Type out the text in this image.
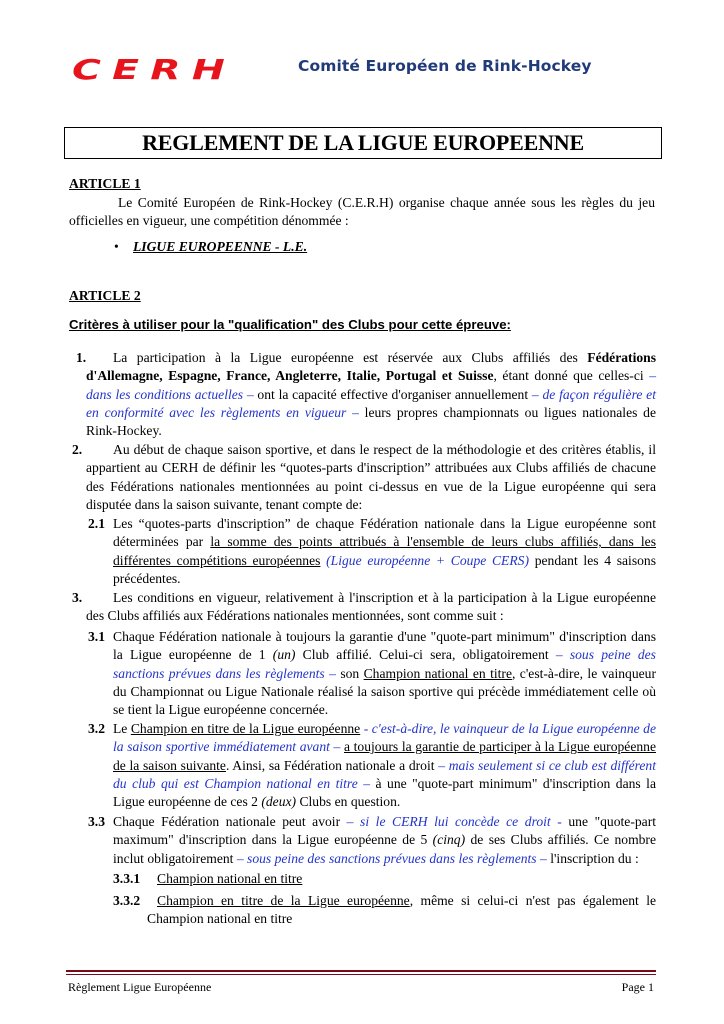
CERH	Comité Européen de Rink-Hockey
REGLEMENT DE LA LIGUE EUROPEENNE
ARTICLE 1
Le Comité Européen de Rink-Hockey (C.E.R.H) organise chaque année sous les règles du jeu officielles en vigueur, une compétition dénommée :
• LIGUE EUROPEENNE - L.E.
ARTICLE 2
Critères à utiliser pour la "qualification" des Clubs pour cette épreuve:
1.	La participation à la Ligue européenne est réservée aux Clubs affiliés des Fédérations d'Allemagne, Espagne, France, Angleterre, Italie, Portugal et Suisse, étant donné que celles-ci – dans les conditions actuelles – ont la capacité effective d'organiser annuellement – de façon régulière et en conformité avec les règlements en vigueur – leurs propres championnats ou ligues nationales de Rink-Hockey.
2.	Au début de chaque saison sportive, et dans le respect de la méthodologie et des critères établis, il appartient au CERH de définir les “quotes-parts d'inscription” attribuées aux Clubs affiliés de chacune des Fédérations nationales mentionnées au point ci-dessus en vue de la Ligue européenne qui sera disputée dans la saison suivante, tenant compte de:
2.1 Les “quotes-parts d'inscription” de chaque Fédération nationale dans la Ligue européenne sont déterminées par la somme des points attribués à l'ensemble de leurs clubs affiliés, dans les différentes compétitions européennes (Ligue européenne + Coupe CERS) pendant les 4 saisons précédentes.
3.	Les conditions en vigueur, relativement à l'inscription et à la participation à la Ligue européenne des Clubs affiliés aux Fédérations nationales mentionnées, sont comme suit :
3.1 Chaque Fédération nationale à toujours la garantie d'une "quote-part minimum" d'inscription dans la Ligue européenne de 1 (un) Club affilié. Celui-ci sera, obligatoirement – sous peine des sanctions prévues dans les règlements – son Champion national en titre, c'est-à-dire, le vainqueur du Championnat ou Ligue Nationale réalisé la saison sportive qui précède immédiatement celle où se tient la Ligue européenne concernée.
3.2 Le Champion en titre de la Ligue européenne - c'est-à-dire, le vainqueur de la Ligue européenne de la saison sportive immédiatement avant – a toujours la garantie de participer à la Ligue européenne de la saison suivante. Ainsi, sa Fédération nationale a droit – mais seulement si ce club est différent du club qui est Champion national en titre – à une "quote-part minimum" d'inscription dans la Ligue européenne de ces 2 (deux) Clubs en question.
3.3 Chaque Fédération nationale peut avoir – si le CERH lui concède ce droit - une "quote-part maximum" d'inscription dans la Ligue européenne de 5 (cinq) de ses Clubs affiliés. Ce nombre inclut obligatoirement – sous peine des sanctions prévues dans les règlements – l'inscription du :
3.3.1 Champion national en titre
3.3.2	Champion en titre de la Ligue européenne, même si celui-ci n'est pas également le Champion national en titre
Règlement Ligue Européenne	Page 1
